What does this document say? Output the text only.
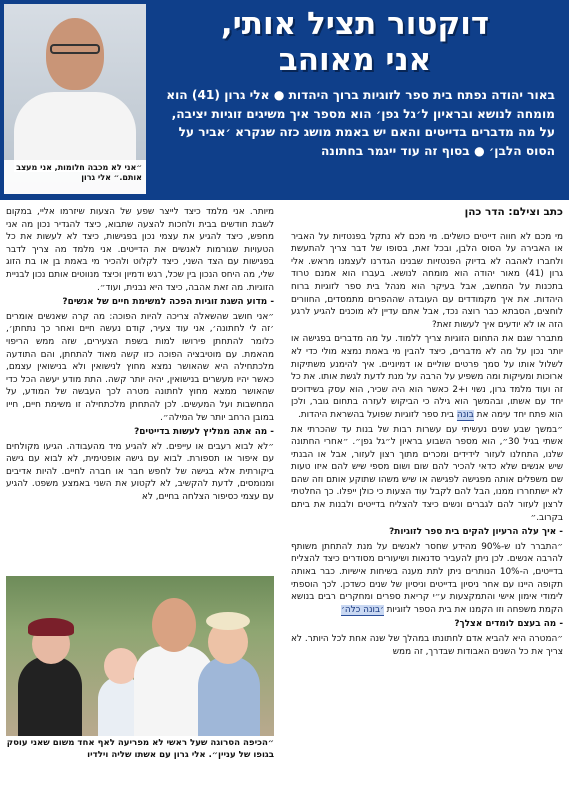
״אני לא מכבה חלומות, אני מעצב אותם.״ אלי גרון
דוקטור תציל אותי,
אני מאוהב
באור יהודה נפתח בית ספר לזוגיות ברוך היהדות ● אלי גרון (41) הוא מומחה לנושא ובראיון ל׳גל גפן׳ הוא מספר איך משיגים זוגיות יציבה, על מה מדברים בדייטים והאם יש באמת מושג כזה שנקרא ׳אביר על הסוס הלבן׳ ● בסוף זה עוד ייגמר בחתונה
כתב וצילם: הדר כהן

מי מכם לא חווה דייטים כושלים. מי מכם לא נתקל בפנטזיות על האביר או האבירה על הסוס הלבן, ובכל זאת, בסופו של דבר צריך להתעשת ולחברו לאהבה לא בדיוק הפנטזיות שבנינו הגדרנו לעצמנו מראש. אלי גרון (41) מאור יהודה הוא מומחה לנושא. בעברו הוא אמנם טרוד בתכנות על המחשב, אבל בעיקר הוא מנהל בית ספר לזוגיות ברוח היהדות. את איך מקמודדים עם העובדה שההפרים מתמסדים, החוורים לוחצים, הסבתא כבר רוצה נכד, אבל אתם עדיין לא מוכנים להגיע לרגע הזה או לא יודעים איך לעשות זאת?

מתברר שגם את התחום הזוגיות צריך ללמוד. על מה מדברים בפגישה או יותר נכון על מה לא מדברים, כיצד להבין מי באמת נמצא מולי כדי לא לשלול אותו על סמך פרטים שוליים או דמיוניים. איך להימנע משתיקות ארוכות ומעיקות ומה משפיע על הרבה על מנת לדעת לגשת אותו. את כל זה ועוד מלמד גרון, נשוי ו+2 כאשר הוא היה שכיר, הוא עסק בשידוכים יחד עם אשתו, ובהמשך הוא גילה כי הביקוש לעזרה בתחום גובר, ולכן הוא פתח יחד עימה את בונה בית ספר לזוגיות שפועל בהשראת היהדות.

״במשך שבע שנים נעשיתי עם עשרות רבות של בנות עד שהכרתי את אשתי בגיל 30״, הוא מספר השבוע בראיון ל״גל גפן״. ״אחרי החתונה שלנו, התחלנו לעזור לידידים ומכרים מתוך רצון לעזור, אבל או הבנתי שיש אנשים שלא כדאי להכיר להם שום ושום מספי שיש להם איזו טעות שם משפלים אותה מפגישה לפגישה או שיש משהו שתוקע אותם וזה שהם לא ישתחררו ממנו, הבל להם לקבל עוד הצעות כי כולן ייפלו. כך החלטתי לרצון לעזור להם לגברים ונשים כיצד להצליח בדייטים ולבנות את ביתם בקרוב.״

- איך עלה הרעיון להקים בית ספר לזוגיות?

״התברר לנו ש-90% מהידע שחסר לאנשים על מנת להתחתן משותף להרבה אנשים. לכן ניתן להעביר סדנאות ושיעורים מסודרים כיצד להצליח בדייטים, ה-10% הנותרים ניתן לתת מענה בשיחות אישיות. כבר באותה תקופה היינו עם אחר ניסיון בדייטים וניסיון של שנים כשדכן. לכך הוספתי לימודי אימון אישי והתמקצעות ע״י קריאת ספרים ומחקרים רבים בנושא הקמת משפחה וזו הקמנו את בית הספר לזוגיות ׳בונה כלה׳

- מה בעצם לומדים אצלך?

״המטרה היא להביא אדם לחתונתו במהלך של שנה אחת לכל היותר. לא צריך את כל השנים האבודות שבדרך, זה ממש

מיותר. אני מלמד כיצד לייצר שפע של הצעות שיזרמו אליי, במקום לשבת חודשים בבית ולחכות להצעה שתבוא, כיצד להגדיר נכון מה אני מחפש, כיצד להגיע את עצמי נכון בפגישות, כיצד לא לעשות את כל הטעויות שגורמות לאנשים את הדייטים. אני מלמד מה צריך לדבר בפגישות עם הצד השני, כיצד לקלוט ולהכיר מי באמת בן או בת הזוג שלי, מה היחס הנכון בין שכל, רגש ודמיון וכיצד מנווטים אותם נכון לבניית הזוגיות. מה זאת אהבה, כיצד היא נבנית, ועוד״.

- מדוע השגת זוגיות הפכה למשימת חיים של אנשים?

״אני חושב שהשאלה צריכה להיות הפוכה: מה קרה שאנשים אומרים ׳זה לי לחתונה׳, אני עוד צעיר, קודם נעשה חיים ואחר כך נתחתן׳, כלומר להתחתן פירושו למות בשפת הצעירים, שזה ממש הריפוי מהאמת. עם מוטיבציה הפוכה כזו קשה מאוד להתחתן, והם התודעה מלכתחילה היא שהאושר נמצא מחוץ לנישואין ולא בנישואין עצמם, כאשר יהיו מעשרים בנישואין, יהיה יותר קשה. התת מודע יעשה הכל כדי שהאושר ממצא מחוץ לחתונה מטרה לכך העבשה של המודע, על המחשבות ועל המעשים. לכן להתחתן מלכתחילה זו משימת חיים, חייו במובן הרחב יותר של המילה״.

- מה אתה ממליץ לעשות בדייטים?

״לא לבוא רעבים או עייפים. לא להגיע מיד מהעבודה. הגיעו מקולחים עם איפור או תספורת. לבוא עם גישה אופטימית, לא לבוא עם גישה ביקורתית אלא בגישה של לחפש חבר או חברה לחיים. להיות אדיבים ומנומסים, לדעת להקשיב, לא לקטוע את השני באמצע משפט. להגיע עם עצמי כסיפור הצלחה בחיים, לא

״הכיפה הסרוגה שעל ראשי לא מפריעה לאף אחד משום שאני עוסק בגופו של עניין״. אלי גרון עם אשתו שליה וילדיו
